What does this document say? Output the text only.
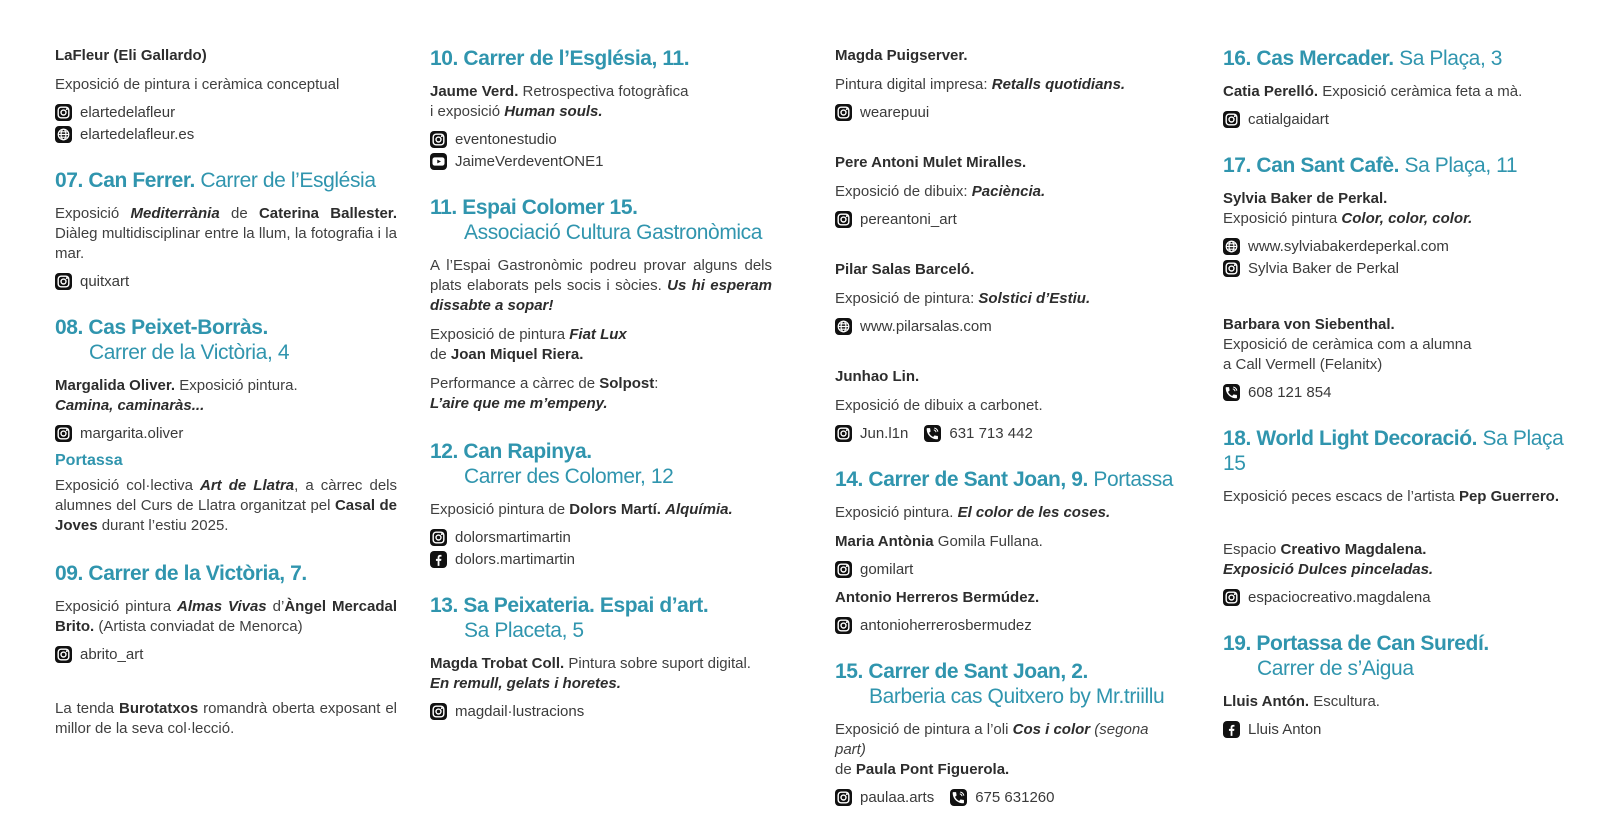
LaFleur (Eli Gallardo)

Exposició de pintura i ceràmica conceptual

elartedelafleur
elartedelafleur.es
07. Can Ferrer. Carrer de l’Església

Exposició Mediterrània de Caterina Ballester. Diàleg multidisciplinar entre la llum, la fotografia i la mar.

quitxart
08. Cas Peixet-Borràs.
Carrer de la Victòria, 4

Margalida Oliver. Exposició pintura.
Camina, caminaràs...

margarita.oliver
Portassa

Exposició col·lectiva Art de Llatra, a càrrec dels alumnes del Curs de Llatra organitzat pel Casal de Joves durant l’estiu 2025.

09. Carrer de la Victòria, 7.

Exposició pintura Almas Vivas d’Àngel Mercadal Brito. (Artista conviadat de Menorca)

abrito_art

La tenda Burotatxos romandrà oberta exposant el millor de la seva col·lecció.

10. Carrer de l’Església, 11.

Jaume Verd. Retrospectiva fotogràfica
i exposició Human souls.

eventonestudio
JaimeVerdeventONE1
11. Espai Colomer 15.
Associació Cultura Gastronòmica

A l’Espai Gastronòmic podreu provar alguns dels plats elaborats pels socis i sòcies. Us hi esperam dissabte a sopar!

Exposició de pintura Fiat Lux
de Joan Miquel Riera.

Performance a càrrec de Solpost:
L’aire que me m’empeny.

12. Can Rapinya.
Carrer des Colomer, 12

Exposició pintura de Dolors Martí. Alquímia.

dolorsmartimartin
dolors.martimartin
13. Sa Peixateria. Espai d’art.
Sa Placeta, 5

Magda Trobat Coll. Pintura sobre suport digital.
En remull, gelats i horetes.

magdail·lustracions

Magda Puigserver.

Pintura digital impresa: Retalls quotidians.

wearepuui

Pere Antoni Mulet Miralles.

Exposició de dibuix: Paciència.

pereantoni_art

Pilar Salas Barceló.

Exposició de pintura: Solstici d’Estiu.

www.pilarsalas.com

Junhao Lin.

Exposició de dibuix a carbonet.

Jun.l1n	631 713 442
14. Carrer de Sant Joan, 9. Portassa

Exposició pintura. El color de les coses.

Maria Antònia Gomila Fullana.

gomilart

Antonio Herreros Bermúdez.

antonioherrerosbermudez
15. Carrer de Sant Joan, 2.
Barberia cas Quitxero by Mr.triillu

Exposició de pintura a l’oli Cos i color (segona part)
de Paula Pont Figuerola.

paulaa.arts	675 631260
16. Cas Mercader. Sa Plaça, 3

Catia Perelló. Exposició ceràmica feta a mà.

catialgaidart
17. Can Sant Cafè. Sa Plaça, 11

Sylvia Baker de Perkal.
Exposició pintura Color, color, color.

www.sylviabakerdeperkal.com
Sylvia Baker de Perkal

Barbara von Siebenthal.
Exposició de ceràmica com a alumna
a Call Vermell (Felanitx)

608 121 854
18. World Light Decoració. Sa Plaça 15

Exposició peces escacs de l’artista Pep Guerrero.

Espacio Creativo Magdalena.
Exposició Dulces pinceladas.

espaciocreativo.magdalena
19. Portassa de Can Suredí.
Carrer de s’Aigua

Lluis Antón. Escultura.

Lluis Anton
